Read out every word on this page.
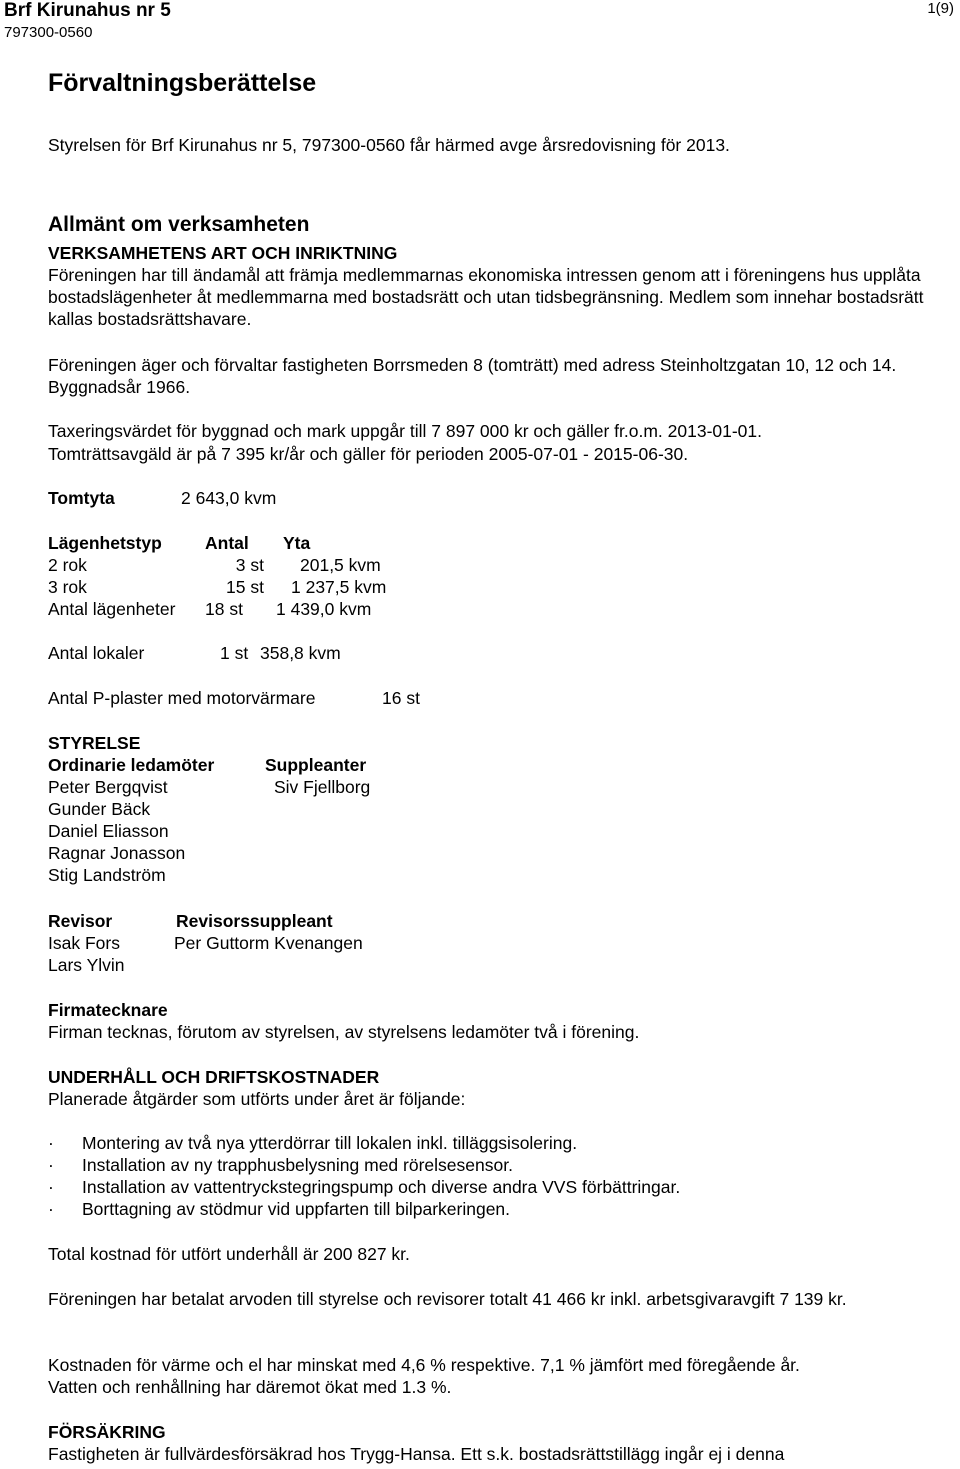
Brf Kirunahus nr 5
797300-0560
1(9)
Förvaltningsberättelse
Styrelsen för Brf Kirunahus nr 5, 797300-0560 får härmed avge årsredovisning för 2013.
Allmänt om verksamheten
VERKSAMHETENS ART OCH INRIKTNING
Föreningen har till ändamål att främja medlemmarnas ekonomiska intressen genom att i föreningens hus upplåta bostadslägenheter åt medlemmarna med bostadsrätt och utan tidsbegränsning. Medlem som innehar bostadsrätt kallas bostadsrättshavare.
Föreningen äger och förvaltar fastigheten Borrsmeden 8 (tomträtt) med adress Steinholtzgatan 10, 12 och 14. Byggnadsår 1966.
Taxeringsvärdet för byggnad och mark uppgår till 7 897 000 kr och gäller fr.o.m. 2013-01-01.
Tomträttsavgäld är på 7 395 kr/år och gäller för perioden 2005-07-01 - 2015-06-30.
Tomtyta	2 643,0 kvm
Lägenhetstyp Antal Yta
2 rok	3 st 201,5 kvm
3 rok	15 st 1 237,5 kvm
Antal lägenheter 18 st 1 439,0 kvm
Antal lokaler	1 st 358,8 kvm
Antal P-plaster med motorvärmare	16 st
STYRELSE
Ordinarie ledamöter
Peter Bergqvist
Gunder Bäck
Daniel Eliasson
Ragnar Jonasson
Stig Landström
Suppleanter
Siv Fjellborg
Revisor
Isak Fors
Lars Ylvin
Revisorssuppleant
Per Guttorm Kvenangen
Firmatecknare
Firman tecknas, förutom av styrelsen, av styrelsens ledamöter två i förening.
UNDERHÅLL OCH DRIFTSKOSTNADER
Planerade åtgärder som utförts under året är följande:
· Montering av två nya ytterdörrar till lokalen inkl. tilläggsisolering.
· Installation av ny trapphusbelysning med rörelsesensor.
· Installation av vattentryckstegringspump och diverse andra VVS förbättringar.
· Borttagning av stödmur vid uppfarten till bilparkeringen.
Total kostnad för utfört underhåll är 200 827 kr.
Föreningen har betalat arvoden till styrelse och revisorer totalt 41 466 kr inkl. arbetsgivaravgift 7 139 kr.
Kostnaden för värme och el har minskat med 4,6 % respektive. 7,1 % jämfört med föregående år.
Vatten och renhållning har däremot ökat med 1.3 %.
FÖRSÄKRING
Fastigheten är fullvärdesförsäkrad hos Trygg-Hansa. Ett s.k. bostadsrättstillägg ingår ej i denna
